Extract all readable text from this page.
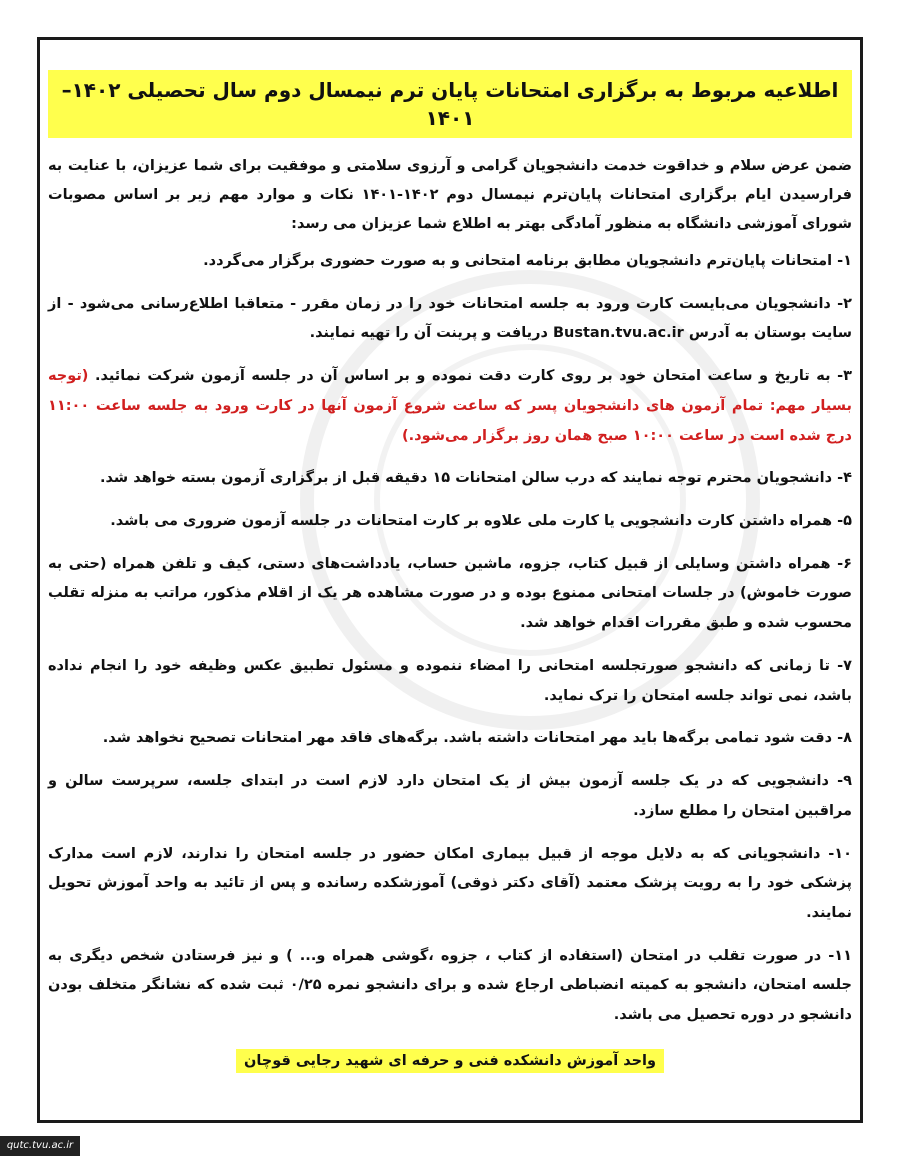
اطلاعیه مربوط به برگزاری امتحانات پایان ترم نیمسال دوم سال تحصیلی ۱۴۰۲–۱۴۰۱

ضمن عرض سلام و خداقوت خدمت دانشجویان گرامی و آرزوی سلامتی و موفقیت برای شما عزیزان، با عنایت به فرارسیدن ایام برگزاری امتحانات پایان‌ترم نیمسال دوم ۱۴۰۲-۱۴۰۱ نکات و موارد مهم زیر بر اساس مصوبات شورای آموزشی دانشگاه به منظور آمادگی بهتر به اطلاع شما عزیزان می رسد:

۱- امتحانات پایان‌ترم دانشجویان مطابق برنامه امتحانی و به صورت حضوری برگزار می‌گردد.

۲- دانشجویان می‌بایست کارت ورود به جلسه امتحانات خود را در زمان مقرر - متعاقبا اطلاع‌رسانی می‌شود - از سایت بوستان به آدرس Bustan.tvu.ac.ir دریافت و پرینت آن را تهیه نمایند.

۳- به تاریخ و ساعت امتحان خود بر روی کارت دقت نموده و بر اساس آن در جلسه آزمون شرکت نمائید. (توجه بسیار مهم: تمام آزمون های دانشجویان پسر که ساعت شروع آزمون آنها در کارت ورود به جلسه ساعت ۱۱:۰۰ درج شده است در ساعت ۱۰:۰۰ صبح همان روز برگزار می‌شود.)

۴- دانشجویان محترم توجه نمایند که درب سالن امتحانات ۱۵ دقیقه قبل از برگزاری آزمون بسته خواهد شد.

۵- همراه داشتن کارت دانشجویی یا کارت ملی علاوه بر کارت امتحانات در جلسه آزمون ضروری می باشد.

۶- همراه داشتن وسایلی از قبیل کتاب، جزوه، ماشین حساب، یادداشت‌های دستی، کیف و تلفن همراه (حتی به صورت خاموش) در جلسات امتحانی ممنوع بوده و در صورت مشاهده هر یک از اقلام مذکور، مراتب به منزله تقلب محسوب شده و طبق مقررات اقدام خواهد شد.

۷- تا زمانی که دانشجو صورتجلسه امتحانی را امضاء ننموده و مسئول تطبیق عکس وظیفه خود را انجام نداده باشد، نمی تواند جلسه امتحان را ترک نماید.

۸- دقت شود تمامی برگه‌ها باید مهر امتحانات داشته باشد. برگه‌های فاقد مهر امتحانات تصحیح نخواهد شد.

۹- دانشجویی که در یک جلسه آزمون بیش از یک امتحان دارد لازم است در ابتدای جلسه، سرپرست سالن و مراقبین امتحان را مطلع سازد.

۱۰- دانشجویانی که به دلایل موجه از قبیل بیماری امکان حضور در جلسه امتحان را ندارند، لازم است مدارک پزشکی خود را به رویت پزشک معتمد (آقای دکتر ذوقی) آموزشکده رسانده و پس از تائید به واحد آموزش تحویل نمایند.

۱۱- در صورت تقلب در امتحان (استفاده از کتاب ، جزوه ،گوشی همراه و... ) و نیز فرستادن شخص دیگری به جلسه امتحان، دانشجو به کمیته انضباطی ارجاع شده و برای دانشجو نمره ۰/۲۵ ثبت شده که نشانگر متخلف بودن دانشجو در دوره تحصیل می باشد.

واحد آموزش دانشکده فنی و حرفه ای شهید رجایی قوچان
qutc.tvu.ac.ir
